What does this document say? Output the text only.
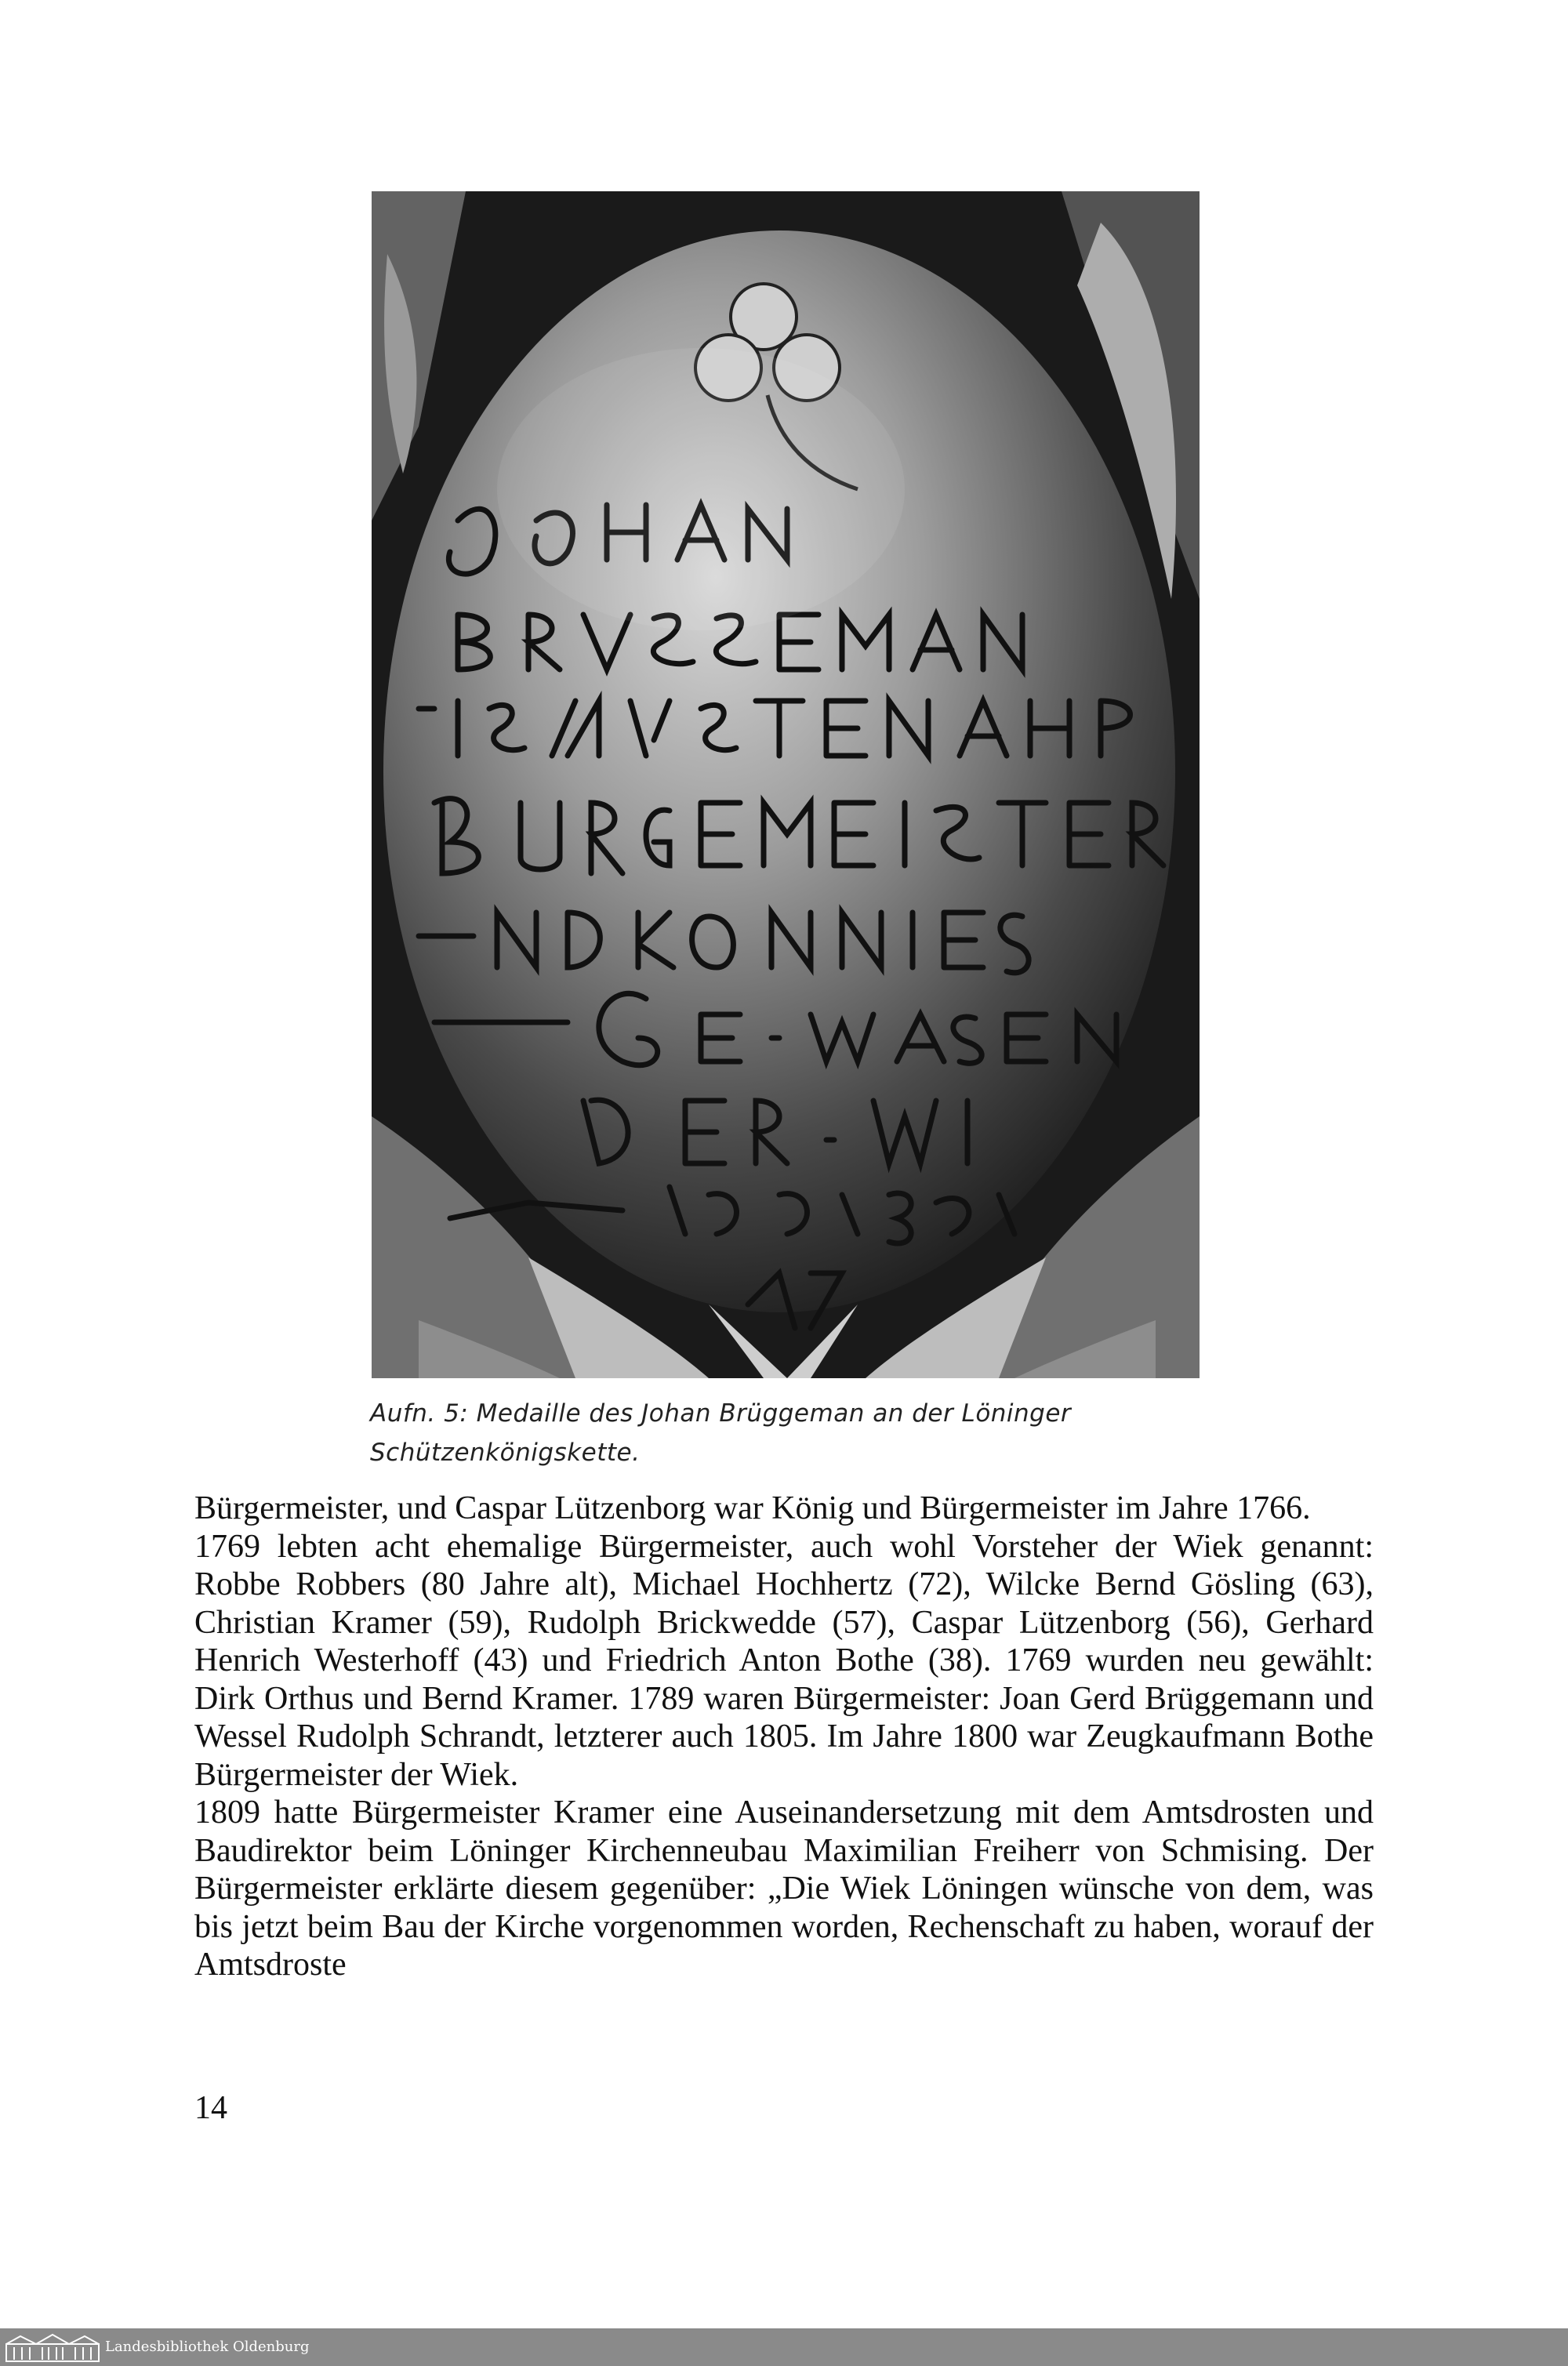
Aufn. 5: Medaille des Johan Brüggeman an der Löninger
Schützenkönigskette.

Bürgermeister, und Caspar Lützenborg war König und Bürgermeister im Jahre 1766.

1769 lebten acht ehemalige Bürgermeister, auch wohl Vorsteher der Wiek genannt: Robbe Robbers (80 Jahre alt), Michael Hochhertz (72), Wilcke Bernd Gösling (63), Christian Kramer (59), Rudolph Brickwedde (57), Caspar Lützenborg (56), Gerhard Henrich Westerhoff (43) und Friedrich Anton Bothe (38). 1769 wurden neu gewählt: Dirk Orthus und Bernd Kramer. 1789 waren Bürgermeister: Joan Gerd Brüggemann und Wessel Rudolph Schrandt, letzterer auch 1805. Im Jahre 1800 war Zeugkaufmann Bothe Bürgermeister der Wiek.

1809 hatte Bürgermeister Kramer eine Auseinandersetzung mit dem Amtsdrosten und Baudirektor beim Löninger Kirchenneubau Maximilian Freiherr von Schmising. Der Bürgermeister erklärte diesem gegenüber: „Die Wiek Löningen wünsche von dem, was bis jetzt beim Bau der Kirche vorgenommen worden, Rechenschaft zu haben, worauf der Amtsdroste

14
Landesbibliothek Oldenburg
